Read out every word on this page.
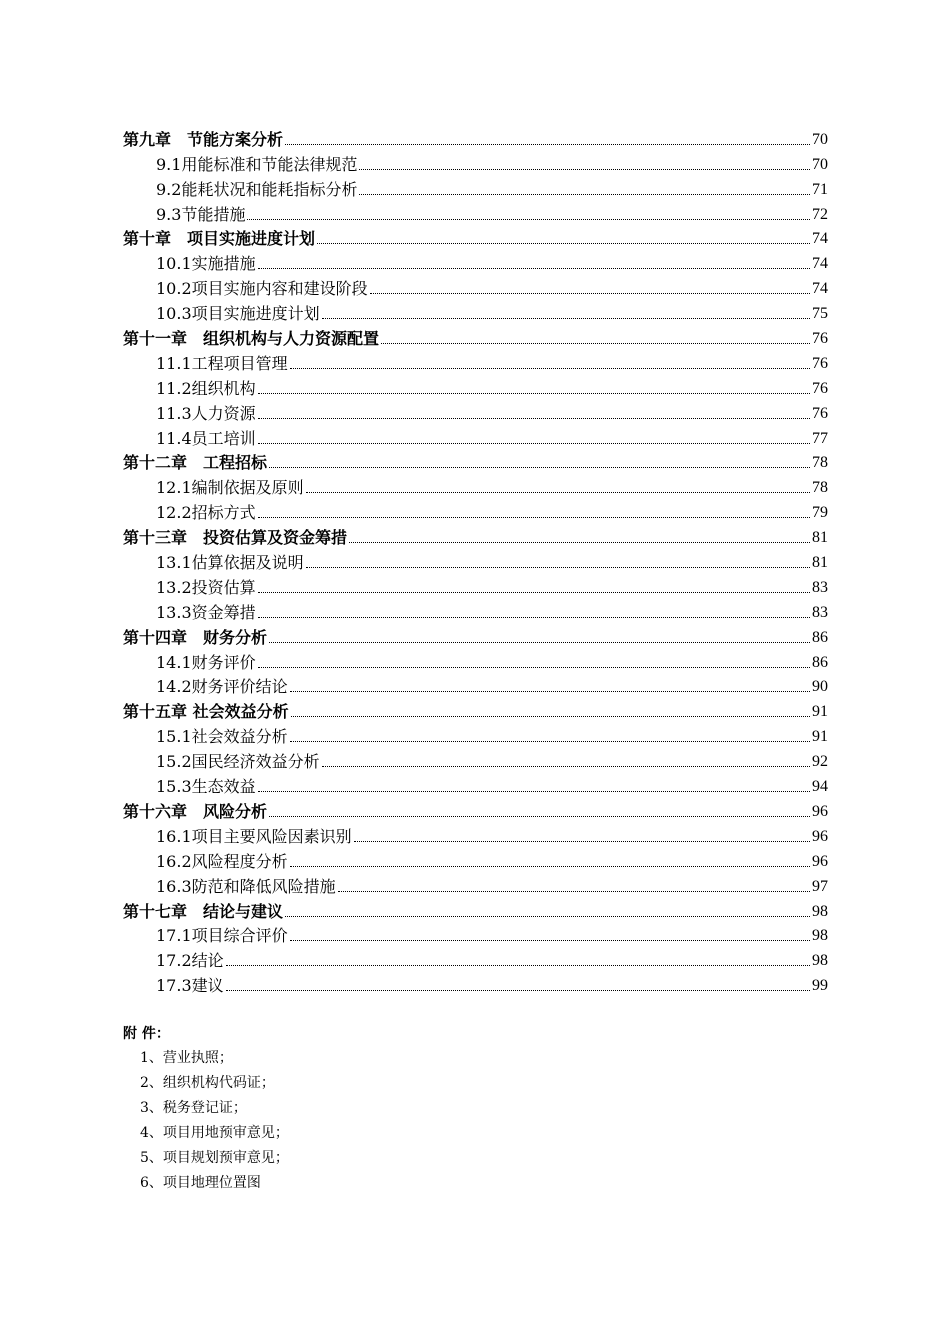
第九章　节能方案分析	70
9.1用能标准和节能法律规范	70
9.2能耗状况和能耗指标分析	71
9.3节能措施	72
第十章　项目实施进度计划	74
10.1实施措施	74
10.2项目实施内容和建设阶段	74
10.3项目实施进度计划	75
第十一章　组织机构与人力资源配置	76
11.1工程项目管理	76
11.2组织机构	76
11.3人力资源	76
11.4员工培训	77
第十二章　工程招标	78
12.1编制依据及原则	78
12.2招标方式	79
第十三章　投资估算及资金筹措	81
13.1估算依据及说明	81
13.2投资估算	83
13.3资金筹措	83
第十四章　财务分析	86
14.1财务评价	86
14.2财务评价结论	90
第十五章 社会效益分析	91
15.1社会效益分析	91
15.2国民经济效益分析	92
15.3生态效益	94
第十六章　风险分析	96
16.1项目主要风险因素识别	96
16.2风险程度分析	96
16.3防范和降低风险措施	97
第十七章　结论与建议	98
17.1项目综合评价	98
17.2结论	98
17.3建议	99
附 件：
1、营业执照；
2、组织机构代码证；
3、税务登记证；
4、项目用地预审意见；
5、项目规划预审意见；
6、项目地理位置图
